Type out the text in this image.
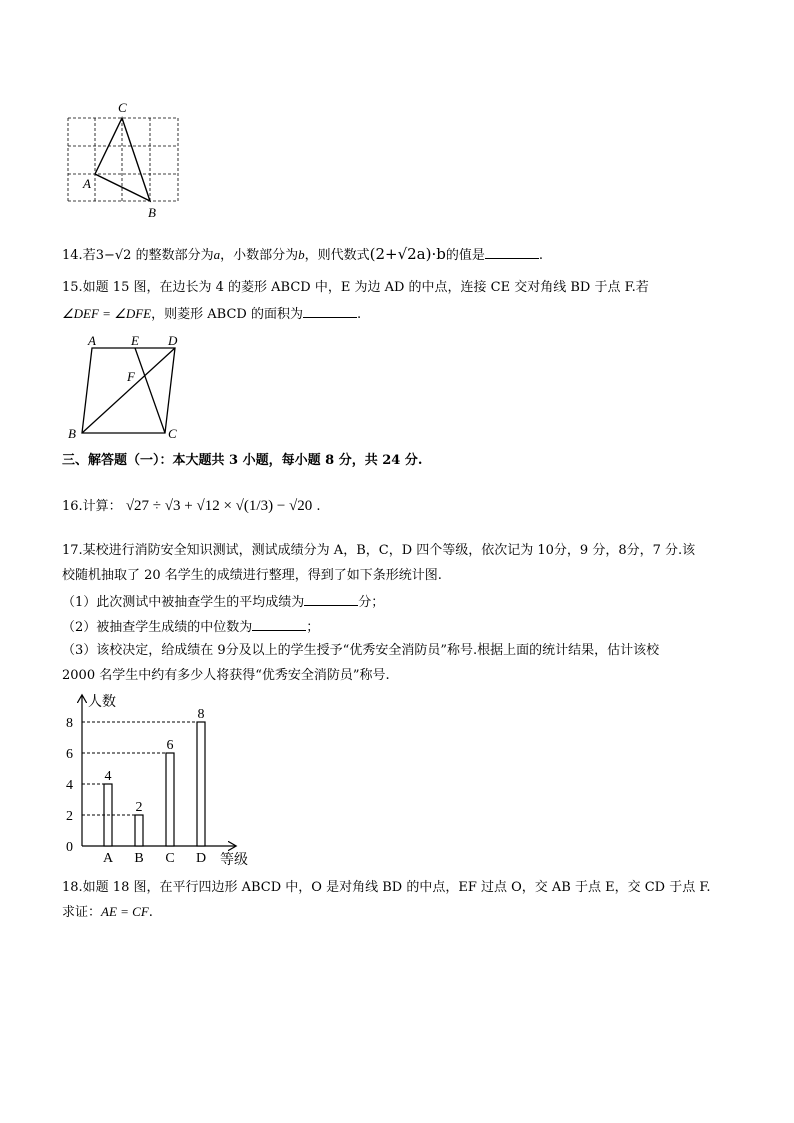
C
A
B
14.若3−√2 的整数部分为a，小数部分为b，则代数式(2+√2a)·b的值是	.
15.如题 15 图，在边长为 4 的菱形 ABCD 中，E 为边 AD 的中点，连接 CE 交对角线 BD 于点 F.若
∠DEF = ∠DFE，则菱形 ABCD 的面积为	.
A	E D
F
B	C
三、解答题（一）：本大题共 3 小题，每小题 8 分，共 24 分.
16.计算： √27 ÷ √3 + √12 × √(1/3) − √20 .
17.某校进行消防安全知识测试，测试成绩分为 A，B，C，D 四个等级，依次记为 10分，9 分，8分，7 分.该
校随机抽取了 20 名学生的成绩进行整理，得到了如下条形统计图.
（1）此次测试中被抽查学生的平均成绩为	分；
（2）被抽查学生成绩的中位数为	；
（3）该校决定，给成绩在 9分及以上的学生授予“优秀安全消防员”称号.根据上面的统计结果，估计该校
2000 名学生中约有多少人将获得“优秀安全消防员”称号.
人数
等级
0
2
4
6
8
4
A
2
B
6
C
8
D
18.如题 18 图，在平行四边形 ABCD 中，O 是对角线 BD 的中点，EF 过点 O，交 AB 于点 E，交 CD 于点 F.
求证：AE = CF.
